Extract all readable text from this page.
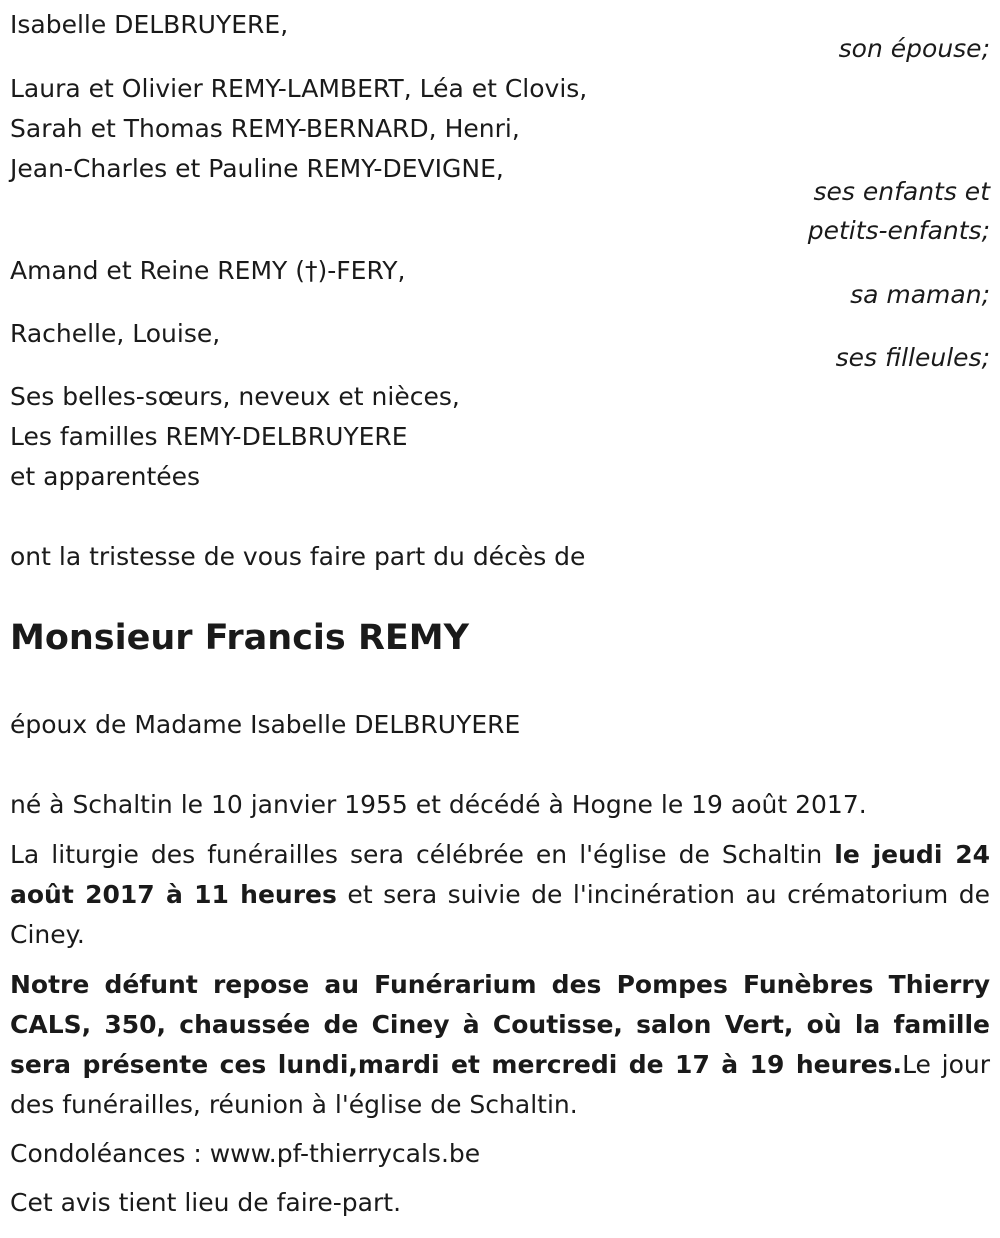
Isabelle DELBRUYERE,
son épouse;
Laura et Olivier REMY-LAMBERT, Léa et Clovis,
Sarah et Thomas REMY-BERNARD, Henri,
Jean-Charles et Pauline REMY-DEVIGNE,
ses enfants et
petits-enfants;
Amand et Reine REMY (†)-FERY,
sa maman;
Rachelle, Louise,
ses filleules;
Ses belles-sœurs, neveux et nièces,
Les familles REMY-DELBRUYERE
et apparentées
ont la tristesse de vous faire part du décès de
Monsieur Francis REMY
époux de Madame Isabelle DELBRUYERE
né à Schaltin le 10 janvier 1955 et décédé à Hogne le 19 août 2017.
La liturgie des funérailles sera célébrée en l'église de Schaltin le jeudi 24 août 2017 à 11 heures et sera suivie de l'incinération au crématorium de Ciney.
Notre défunt repose au Funérarium des Pompes Funèbres Thierry CALS, 350, chaussée de Ciney à Coutisse, salon Vert, où la famille sera présente ces lundi,mardi et mercredi de 17 à 19 heures.Le jour des funérailles, réunion à l'église de Schaltin.
Condoléances : www.pf-thierrycals.be
Cet avis tient lieu de faire-part.
